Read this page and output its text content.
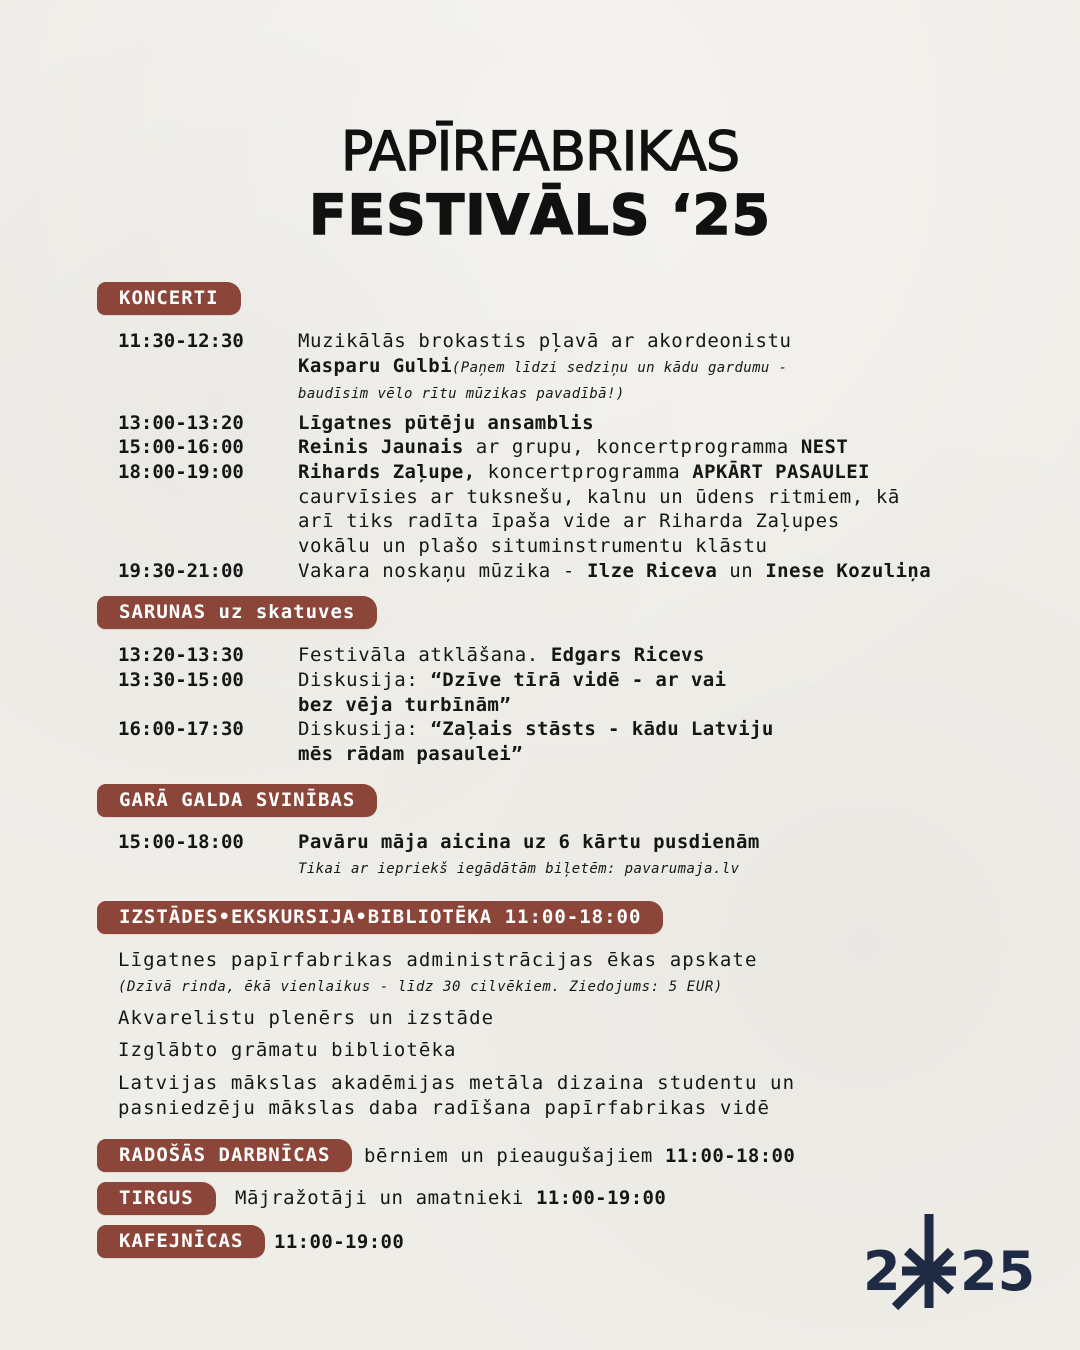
PAPĪRFABRIKAS
FESTIVĀLS ‘25
KONCERTI
11:30-12:30	Muzikālās brokastis pļavā ar akordeonistu
Kasparu Gulbi(Paņem līdzi sedziņu un kādu gardumu -
baudīsim vēlo rītu mūzikas pavadībā!)
13:00-13:20	Līgatnes pūtēju ansamblis
15:00-16:00	Reinis Jaunais ar grupu, koncertprogramma NEST
18:00-19:00	Rihards Zaļupe, koncertprogramma APKĀRT PASAULEI
caurvīsies ar tuksnešu, kalnu un ūdens ritmiem, kā
arī tiks radīta īpaša vide ar Riharda Zaļupes
vokālu un plašo situminstrumentu klāstu
19:30-21:00	Vakara noskaņu mūzika - Ilze Riceva un Inese Kozuliņa
SARUNAS uz skatuves
13:20-13:30	Festivāla atklāšana. Edgars Ricevs
13:30-15:00	Diskusija: “Dzīve tīrā vidē - ar vai
bez vēja turbīnām”
16:00-17:30	Diskusija: “Zaļais stāsts - kādu Latviju
mēs rādam pasaulei”
GARĀ GALDA SVINĪBAS
15:00-18:00	Pavāru māja aicina uz 6 kārtu pusdienām
Tikai ar iepriekš iegādātām biļetēm: pavarumaja.lv
IZSTĀDES•EKSKURSIJA•BIBLIOTĒKA 11:00-18:00
Līgatnes papīrfabrikas administrācijas ēkas apskate
(Dzīvā rinda, ēkā vienlaikus - līdz 30 cilvēkiem. Ziedojums: 5 EUR)
Akvarelistu plenērs un izstāde
Izglābto grāmatu bibliotēka
Latvijas mākslas akadēmijas metāla dizaina studentu un
pasniedzēju mākslas daba radīšana papīrfabrikas vidē
RADOŠĀS DARBNĪCAS	bērniem un pieaugušajiem 11:00-18:00
TIRGUS	Mājražotāji un amatnieki 11:00-19:00
KAFEJNĪCAS	11:00-19:00	2 25
